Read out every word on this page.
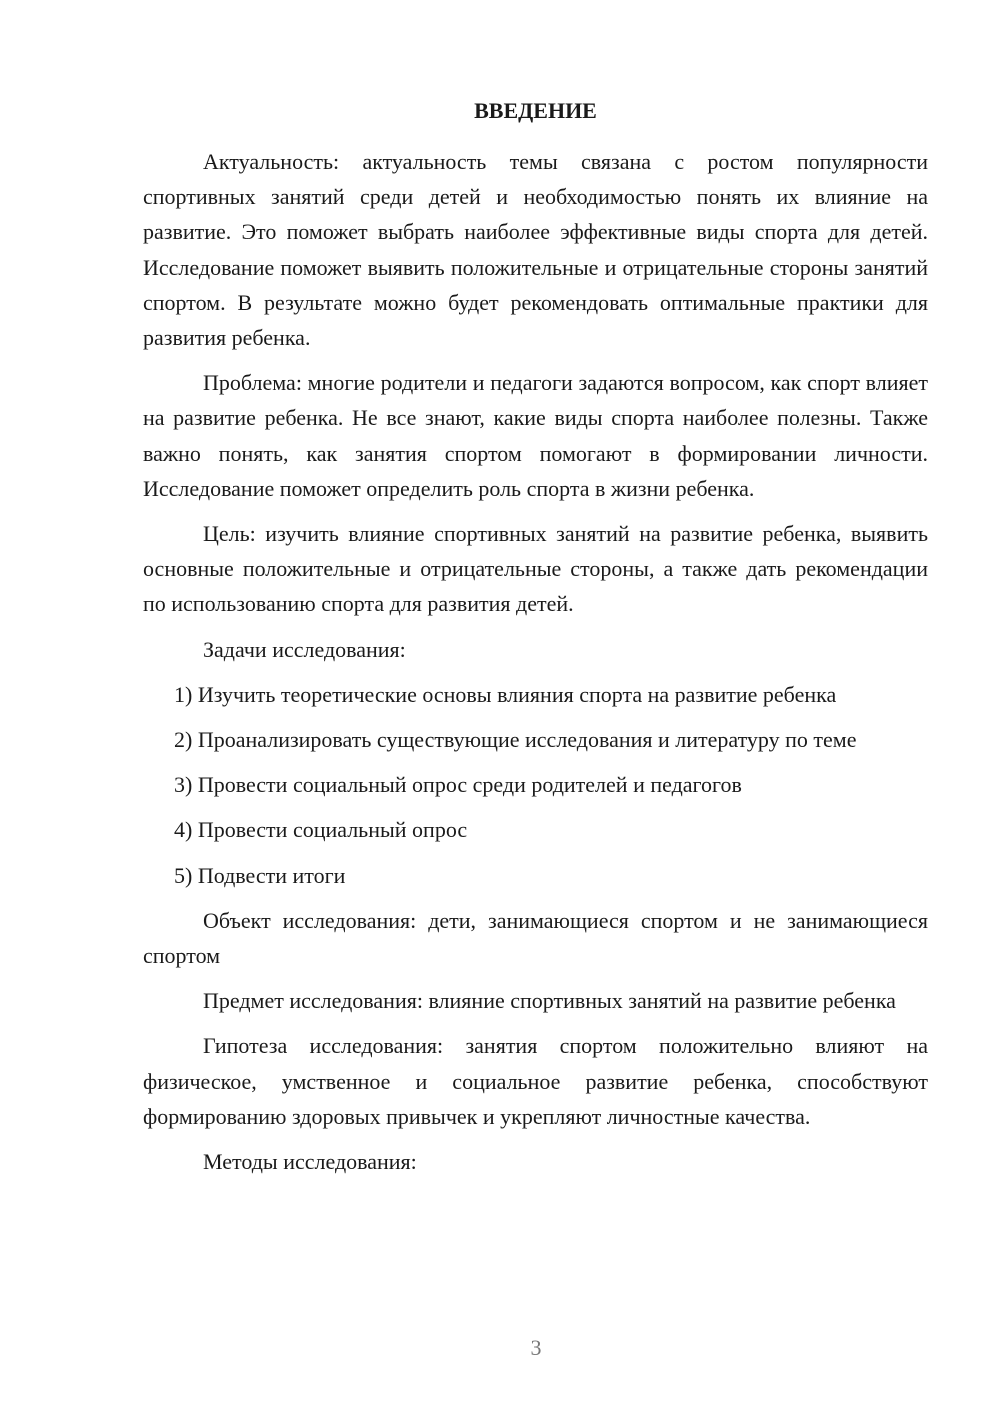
ВВЕДЕНИЕ

Актуальность: актуальность темы связана с ростом популярности спортивных занятий среди детей и необходимостью понять их влияние на развитие. Это поможет выбрать наиболее эффективные виды спорта для детей. Исследование поможет выявить положительные и отрицательные стороны занятий спортом. В результате можно будет рекомендовать оптимальные практики для развития ребенка.

Проблема: многие родители и педагоги задаются вопросом, как спорт влияет на развитие ребенка. Не все знают, какие виды спорта наиболее полезны. Также важно понять, как занятия спортом помогают в формировании личности. Исследование поможет определить роль спорта в жизни ребенка.

Цель: изучить влияние спортивных занятий на развитие ребенка, выявить основные положительные и отрицательные стороны, а также дать рекомендации по использованию спорта для развития детей.

Задачи исследования:

1) Изучить теоретические основы влияния спорта на развитие ребенка

2) Проанализировать существующие исследования и литературу по теме

3) Провести социальный опрос среди родителей и педагогов

4) Провести социальный опрос

5) Подвести итоги

Объект исследования: дети, занимающиеся спортом и не занимающиеся спортом

Предмет исследования: влияние спортивных занятий на развитие ребенка

Гипотеза исследования: занятия спортом положительно влияют на физическое, умственное и социальное развитие ребенка, способствуют формированию здоровых привычек и укрепляют личностные качества.

Методы исследования:

3
